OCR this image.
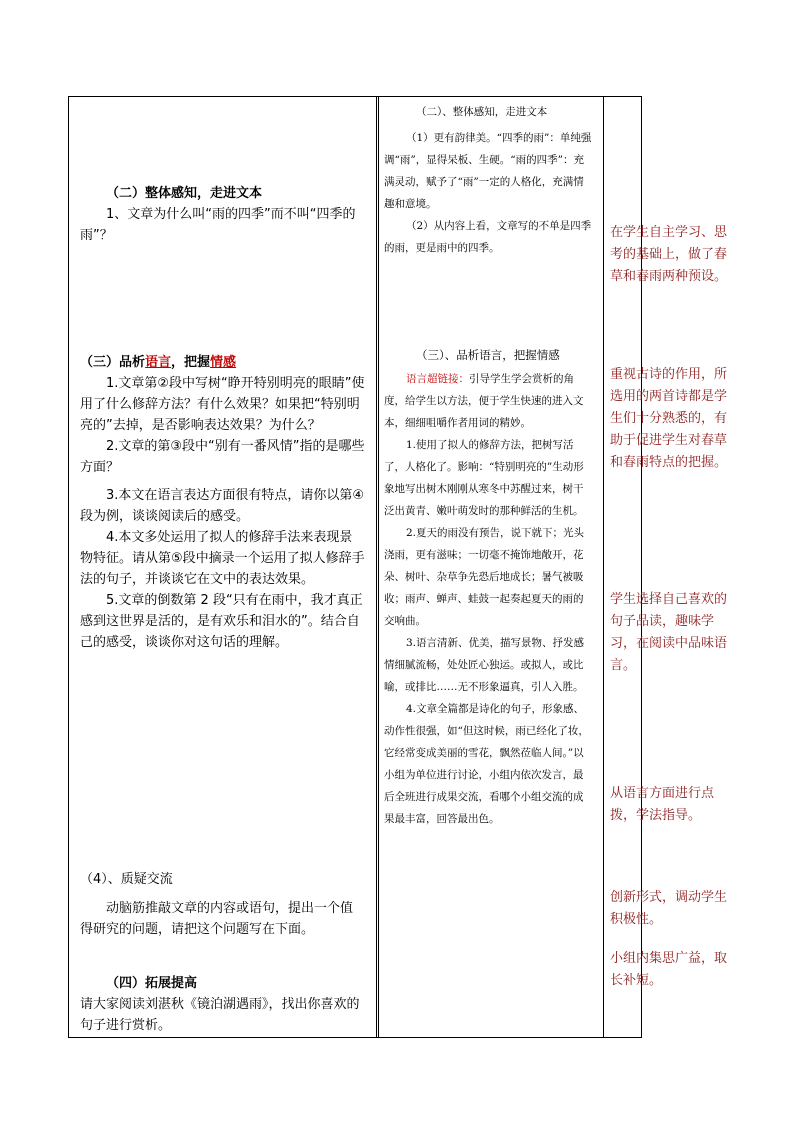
（二）整体感知，走进文本
1、文章为什么叫“雨的四季”而不叫“四季的雨”？
（三）品析语言，把握情感
1.文章第②段中写树“睁开特别明亮的眼睛”使用了什么修辞方法？有什么效果？如果把“特别明亮的”去掉，是否影响表达效果？为什么？
2.文章的第③段中“别有一番风情”指的是哪些方面？
3.本文在语言表达方面很有特点，请你以第④段为例，谈谈阅读后的感受。
4.本文多处运用了拟人的修辞手法来表现景物特征。请从第⑤段中摘录一个运用了拟人修辞手法的句子，并谈谈它在文中的表达效果。
5.文章的倒数第 2 段“只有在雨中，我才真正感到这世界是活的，是有欢乐和泪水的”。结合自己的感受，谈谈你对这句话的理解。
（4）、质疑交流
动脑筋推敲文章的内容或语句，提出一个值得研究的问题，请把这个问题写在下面。
（四）拓展提高
请大家阅读刘湛秋《镜泊湖遇雨》，找出你喜欢的句子进行赏析。
（二）、整体感知，走进文本
（1）更有韵律美。“四季的雨”：单纯强调“雨”，显得呆板、生硬。“雨的四季”：充满灵动，赋予了“雨”一定的人格化，充满情趣和意境。
（2）从内容上看，文章写的不单是四季的雨，更是雨中的四季。
（三）、品析语言，把握情感
语言超链接：引导学生学会赏析的角度，给学生以方法，便于学生快速的进入文本，细细咀嚼作者用词的精妙。
1.使用了拟人的修辞方法，把树写活了，人格化了。影响：“特别明亮的”生动形象地写出树木刚刚从寒冬中苏醒过来，树干泛出黄青、嫩叶萌发时的那种鲜活的生机。
2.夏天的雨没有预告，说下就下；光头浇雨，更有滋味；一切毫不掩饰地敞开，花朵、树叶、杂草争先恐后地成长；暑气被吸收；雨声、蝉声、蛙鼓一起奏起夏天的雨的交响曲。
3.语言清新、优美，描写景物、抒发感情细腻流畅，处处匠心独运。或拟人，或比喻，或排比……无不形象逼真，引人入胜。
4.文章全篇都是诗化的句子，形象感、动作性很强，如“但这时候，雨已经化了妆，它经常变成美丽的雪花，飘然莅临人间。”以小组为单位进行讨论，小组内依次发言，最后全班进行成果交流，看哪个小组交流的成果最丰富，回答最出色。
在学生自主学习、思考的基础上，做了春草和春雨两种预设。
重视古诗的作用，所选用的两首诗都是学生们十分熟悉的，有助于促进学生对春草和春雨特点的把握。
学生选择自己喜欢的句子品读，趣味学习，在阅读中品味语言。
从语言方面进行点拨，学法指导。
创新形式，调动学生积极性。
小组内集思广益，取长补短。
